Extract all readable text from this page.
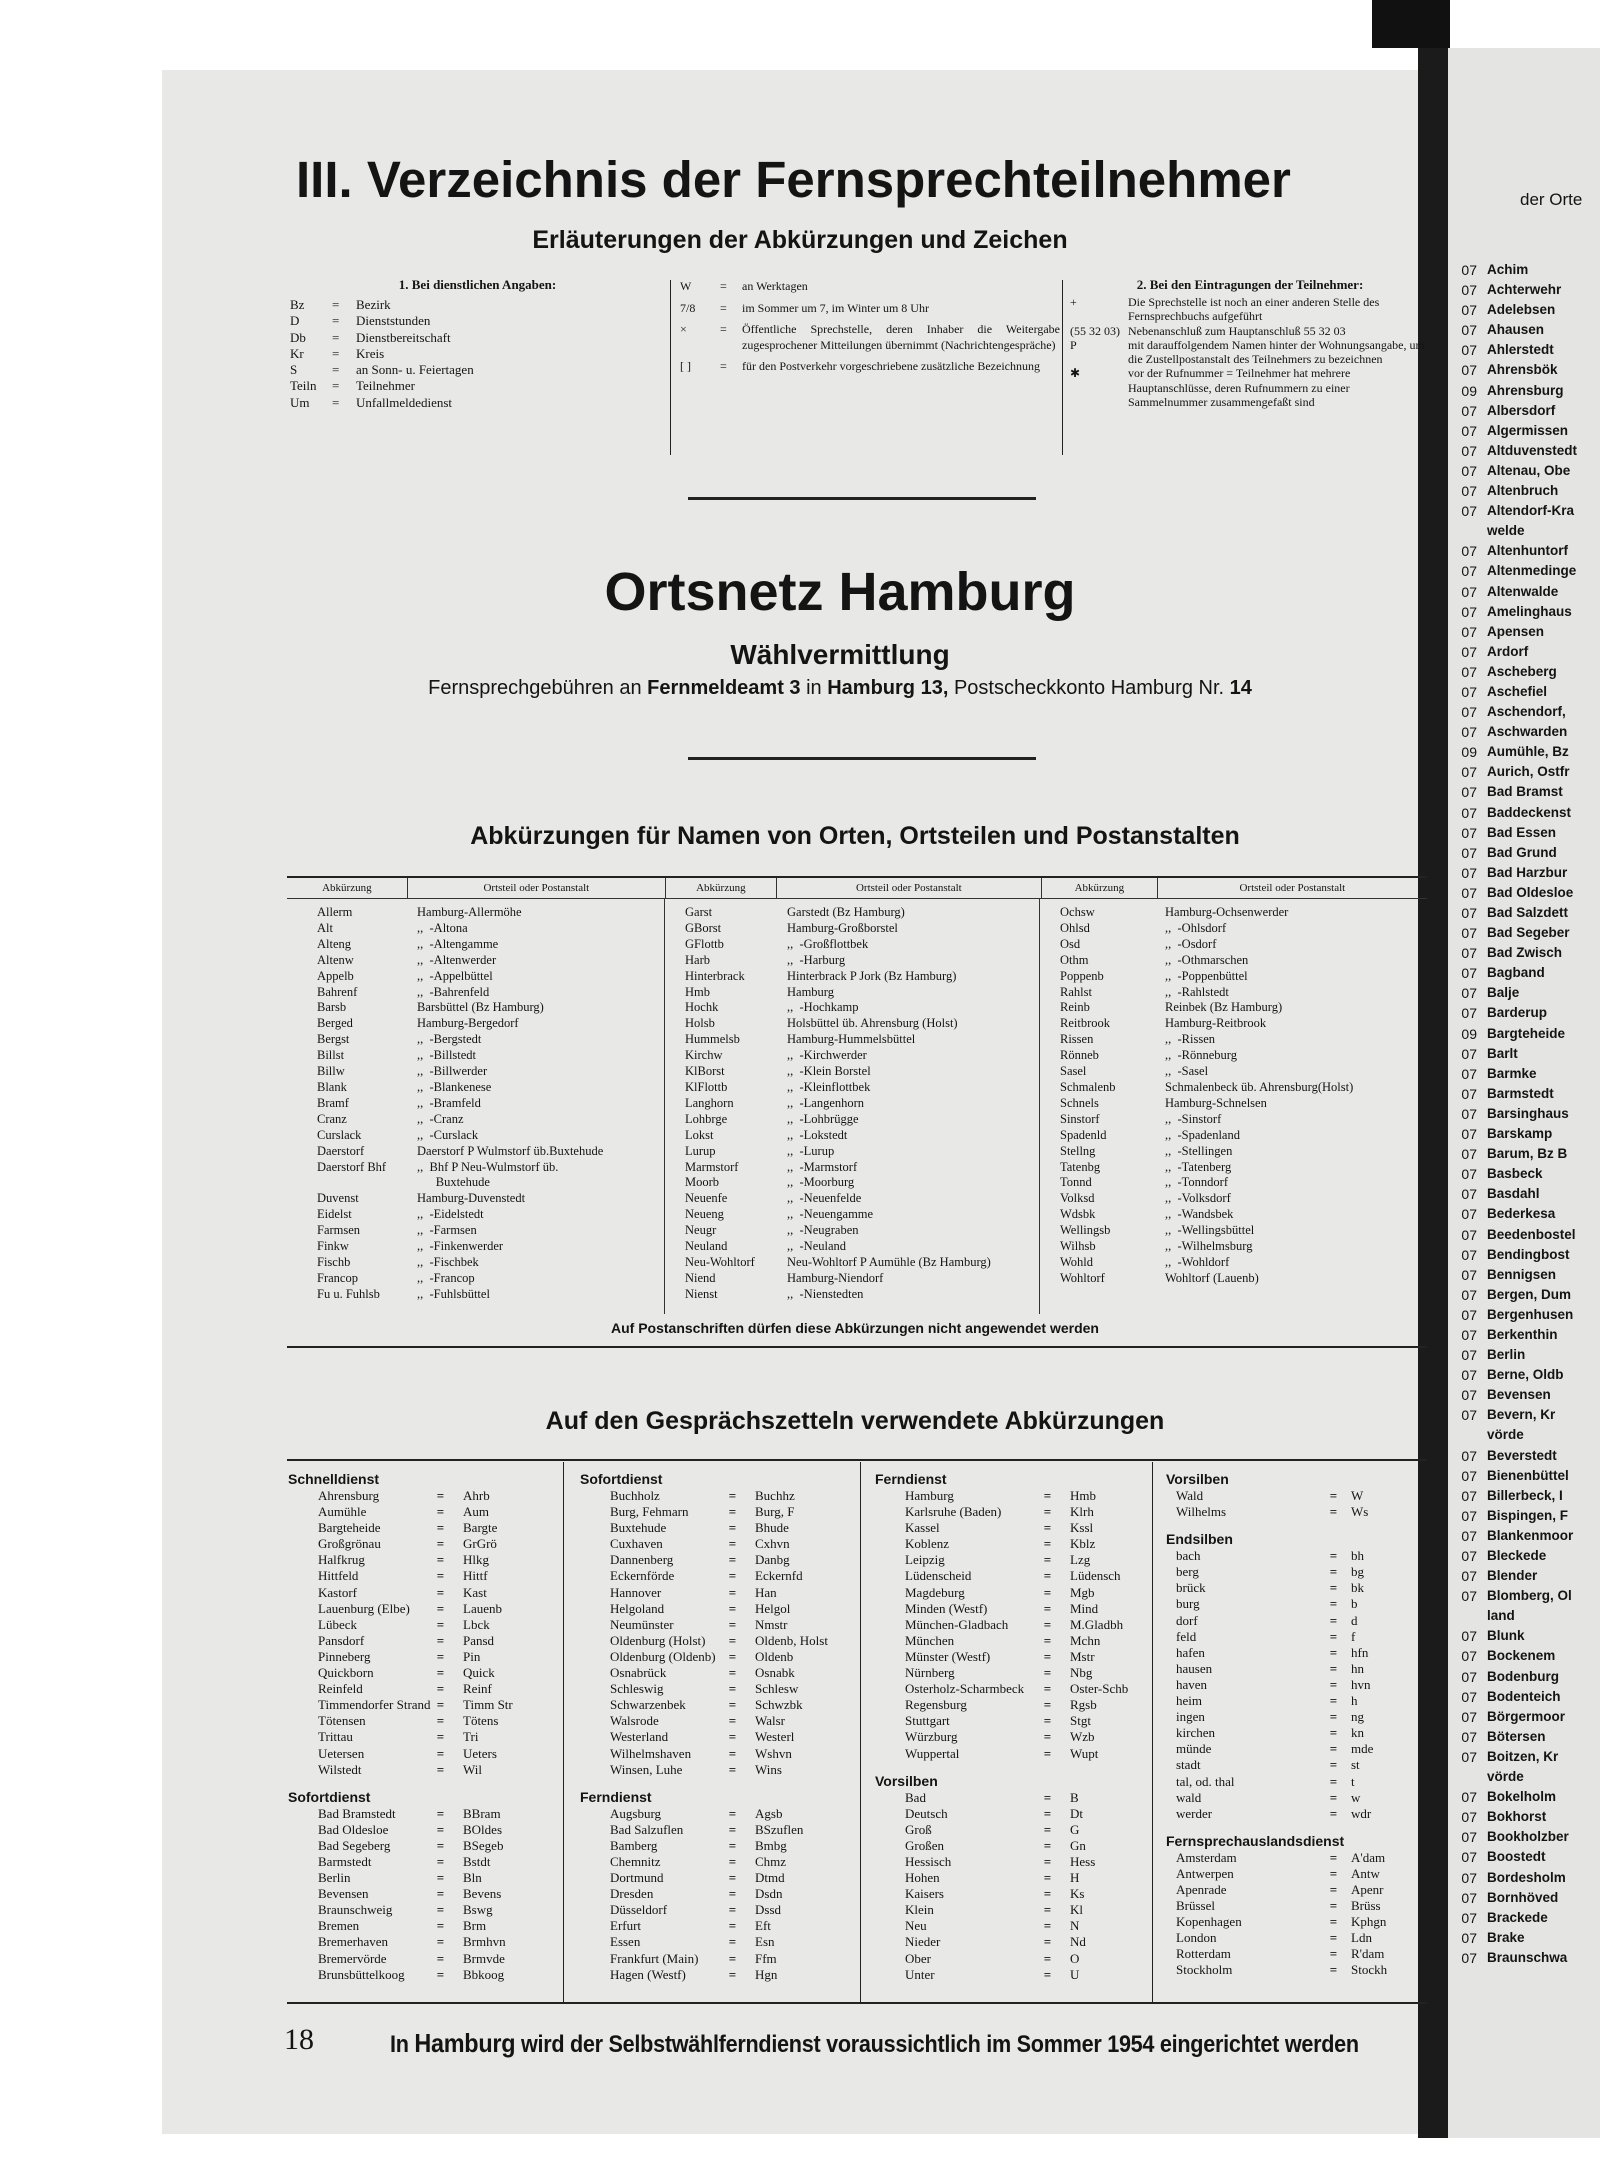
III. Verzeichnis der Fernsprechteilnehmer
Erläuterungen der Abkürzungen und Zeichen
1. Bei dienstlichen Angaben:
Bz	=	Bezirk
D	=	Dienststunden
Db	=	Dienstbereitschaft
Kr	=	Kreis
S	=	an Sonn- u. Feiertagen
Teiln	=	Teilnehmer
Um	=	Unfallmeldedienst
W	=	an Werktagen
7/8	=	im Sommer um 7, im Winter um 8 Uhr
×	=	Öffentliche Sprechstelle, deren Inhaber die Weitergabe zugesprochener Mitteilungen übernimmt (Nachrichtengespräche)
[ ]	=	für den Postverkehr vorgeschriebene zusätzliche Bezeichnung
2. Bei den Eintragungen der Teilnehmer:
+	Die Sprechstelle ist noch an einer anderen Stelle des Fernsprechbuchs aufgeführt
(55 32 03) Nebenanschluß zum Hauptanschluß 55 32 03
P	mit darauffolgendem Namen hinter der Wohnungsangabe, um die Zustellpostanstalt des Teilnehmers zu bezeichnen
✱	vor der Rufnummer = Teilnehmer hat mehrere Hauptanschlüsse, deren Rufnummern zu einer Sammelnummer zusammengefaßt sind
Ortsnetz Hamburg
Wählvermittlung
Fernsprechgebühren an Fernmeldeamt 3 in Hamburg 13, Postscheckkonto Hamburg Nr. 14
Abkürzungen für Namen von Orten, Ortsteilen und Postanstalten
Abkürzung	Ortsteil oder Postanstalt	Abkürzung	Ortsteil oder Postanstalt	Abkürzung	Ortsteil oder Postanstalt
Allerm	Hamburg-Allermöhe
Alt	,,  -Altona
Alteng	,,  -Altengamme
Altenw	,,  -Altenwerder
Appelb	,,  -Appelbüttel
Bahrenf	,,  -Bahrenfeld
Barsb	Barsbüttel (Bz Hamburg)
Berged	Hamburg-Bergedorf
Bergst	,,  -Bergstedt
Billst	,,  -Billstedt
Billw	,,  -Billwerder
Blank	,,  -Blankenese
Bramf	,,  -Bramfeld
Cranz	,,  -Cranz
Curslack	,,  -Curslack
Daerstorf	Daerstorf P Wulmstorf üb.Buxtehude
Daerstorf Bhf	,,  Bhf P Neu-Wulmstorf üb.
Buxtehude
Duvenst	Hamburg-Duvenstedt
Eidelst	,,  -Eidelstedt
Farmsen	,,  -Farmsen
Finkw	,,  -Finkenwerder
Fischb	,,  -Fischbek
Francop	,,  -Francop
Fu u. Fuhlsb	,,  -Fuhlsbüttel
Garst	Garstedt (Bz Hamburg)
GBorst	Hamburg-Großborstel
GFlottb	,,  -Großflottbek
Harb	,,  -Harburg
Hinterbrack	Hinterbrack P Jork (Bz Hamburg)
Hmb	Hamburg
Hochk	,,  -Hochkamp
Holsb	Holsbüttel üb. Ahrensburg (Holst)
Hummelsb	Hamburg-Hummelsbüttel
Kirchw	,,  -Kirchwerder
KlBorst	,,  -Klein Borstel
KlFlottb	,,  -Kleinflottbek
Langhorn	,,  -Langenhorn
Lohbrge	,,  -Lohbrügge
Lokst	,,  -Lokstedt
Lurup	,,  -Lurup
Marmstorf	,,  -Marmstorf
Moorb	,,  -Moorburg
Neuenfe	,,  -Neuenfelde
Neueng	,,  -Neuengamme
Neugr	,,  -Neugraben
Neuland	,,  -Neuland
Neu-Wohltorf	Neu-Wohltorf P Aumühle (Bz Hamburg)
Niend	Hamburg-Niendorf
Nienst	,,  -Nienstedten
Ochsw	Hamburg-Ochsenwerder
Ohlsd	,,  -Ohlsdorf
Osd	,,  -Osdorf
Othm	,,  -Othmarschen
Poppenb	,,  -Poppenbüttel
Rahlst	,,  -Rahlstedt
Reinb	Reinbek (Bz Hamburg)
Reitbrook	Hamburg-Reitbrook
Rissen	,,  -Rissen
Rönneb	,,  -Rönneburg
Sasel	,,  -Sasel
Schmalenb	Schmalenbeck üb. Ahrensburg(Holst)
Schnels	Hamburg-Schnelsen
Sinstorf	,,  -Sinstorf
Spadenld	,,  -Spadenland
Stellng	,,  -Stellingen
Tatenbg	,,  -Tatenberg
Tonnd	,,  -Tonndorf
Volksd	,,  -Volksdorf
Wdsbk	,,  -Wandsbek
Wellingsb	,,  -Wellingsbüttel
Wilhsb	,,  -Wilhelmsburg
Wohld	,,  -Wohldorf
Wohltorf	Wohltorf (Lauenb)
Auf Postanschriften dürfen diese Abkürzungen nicht angewendet werden
Auf den Gesprächszetteln verwendete Abkürzungen
Schnelldienst
Ahrensburg	=	Ahrb
Aumühle	=	Aum
Bargteheide	=	Bargte
Großgrönau	=	GrGrö
Halfkrug	=	Hlkg
Hittfeld	=	Hittf
Kastorf	=	Kast
Lauenburg (Elbe)	=	Lauenb
Lübeck	=	Lbck
Pansdorf	=	Pansd
Pinneberg	=	Pin
Quickborn	=	Quick
Reinfeld	=	Reinf
Timmendorfer Strand =	Timm Str
Tötensen	=	Tötens
Trittau	=	Tri
Uetersen	=	Ueters
Wilstedt	=	Wil
Sofortdienst
Bad Bramstedt	=	BBram
Bad Oldesloe	=	BOldes
Bad Segeberg	=	BSegeb
Barmstedt	=	Bstdt
Berlin	=	Bln
Bevensen	=	Bevens
Braunschweig	=	Bswg
Bremen	=	Brm
Bremerhaven	=	Brmhvn
Bremervörde	=	Brmvde
Brunsbüttelkoog	=	Bbkoog
Sofortdienst
Buchholz	=	Buchhz
Burg, Fehmarn	=	Burg, F
Buxtehude	=	Bhude
Cuxhaven	=	Cxhvn
Dannenberg	=	Danbg
Eckernförde	=	Eckernfd
Hannover	=	Han
Helgoland	=	Helgol
Neumünster	=	Nmstr
Oldenburg (Holst)	=	Oldenb, Holst
Oldenburg (Oldenb)	=	Oldenb
Osnabrück	=	Osnabk
Schleswig	=	Schlesw
Schwarzenbek	=	Schwzbk
Walsrode	=	Walsr
Westerland	=	Westerl
Wilhelmshaven	=	Wshvn
Winsen, Luhe	=	Wins
Ferndienst
Augsburg	=	Agsb
Bad Salzuflen	=	BSzuflen
Bamberg	=	Bmbg
Chemnitz	=	Chmz
Dortmund	=	Dtmd
Dresden	=	Dsdn
Düsseldorf	=	Dssd
Erfurt	=	Eft
Essen	=	Esn
Frankfurt (Main)	=	Ffm
Hagen (Westf)	=	Hgn
Ferndienst
Hamburg	=	Hmb
Karlsruhe (Baden)	=	Klrh
Kassel	=	Kssl
Koblenz	=	Kblz
Leipzig	=	Lzg
Lüdenscheid	=	Lüdensch
Magdeburg	=	Mgb
Minden (Westf)	=	Mind
München-Gladbach	=	M.Gladbh
München	=	Mchn
Münster (Westf)	=	Mstr
Nürnberg	=	Nbg
Osterholz-Scharmbeck	=	Oster-Schb
Regensburg	=	Rgsb
Stuttgart	=	Stgt
Würzburg	=	Wzb
Wuppertal	=	Wupt
Vorsilben
Bad	=	B
Deutsch	=	Dt
Groß	=	G
Großen	=	Gn
Hessisch	=	Hess
Hohen	=	H
Kaisers	=	Ks
Klein	=	Kl
Neu	=	N
Nieder	=	Nd
Ober	=	O
Unter	=	U
Vorsilben
Wald	=	W
Wilhelms	=	Ws
Endsilben
bach	=	bh
berg	=	bg
brück	=	bk
burg	=	b
dorf	=	d
feld	=	f
hafen	=	hfn
hausen	=	hn
haven	=	hvn
heim	=	h
ingen	=	ng
kirchen	=	kn
münde	=	mde
stadt	=	st
tal, od. thal	=	t
wald	=	w
werder	=	wdr
Fernsprechauslandsdienst
Amsterdam	=	A'dam
Antwerpen	=	Antw
Apenrade	=	Apenr
Brüssel	=	Brüss
Kopenhagen	=	Kphgn
London	=	Ldn
Rotterdam	=	R'dam
Stockholm	=	Stockh
18	In Hamburg wird der Selbstwählferndienst voraussichtlich im Sommer 1954 eingerichtet werden
der Orte
07 Achim
07 Achterwehr
07 Adelebsen
07 Ahausen
07 Ahlerstedt
07 Ahrensbök
09 Ahrensburg
07 Albersdorf
07 Algermissen
07 Altduvenstedt
07 Altenau, Obe
07 Altenbruch
07 Altendorf-Kra
welde
07 Altenhuntorf
07 Altenmedinge
07 Altenwalde
07 Amelinghaus
07 Apensen
07 Ardorf
07 Ascheberg
07 Aschefiel
07 Aschendorf,
07 Aschwarden
09 Aumühle, Bz
07 Aurich, Ostfr
07 Bad Bramst
07 Baddeckenst
07 Bad Essen
07 Bad Grund
07 Bad Harzbur
07 Bad Oldesloe
07 Bad Salzdett
07 Bad Segeber
07 Bad Zwisch
07 Bagband
07 Balje
07 Barderup
09 Bargteheide
07 Barlt
07 Barmke
07 Barmstedt
07 Barsinghaus
07 Barskamp
07 Barum, Bz B
07 Basbeck
07 Basdahl
07 Bederkesa
07 Beedenbostel
07 Bendingbost
07 Bennigsen
07 Bergen, Dum
07 Bergenhusen
07 Berkenthin
07 Berlin
07 Berne, Oldb
07 Bevensen
07 Bevern, Kr
vörde
07 Beverstedt
07 Bienenbüttel
07 Billerbeck, I
07 Bispingen, F
07 Blankenmoor
07 Bleckede
07 Blender
07 Blomberg, Ol
land
07 Blunk
07 Bockenem
07 Bodenburg
07 Bodenteich
07 Börgermoor
07 Bötersen
07 Boitzen, Kr
vörde
07 Bokelholm
07 Bokhorst
07 Bookholzber
07 Boostedt
07 Bordesholm
07 Bornhöved
07 Brackede
07 Brake
07 Braunschwa
